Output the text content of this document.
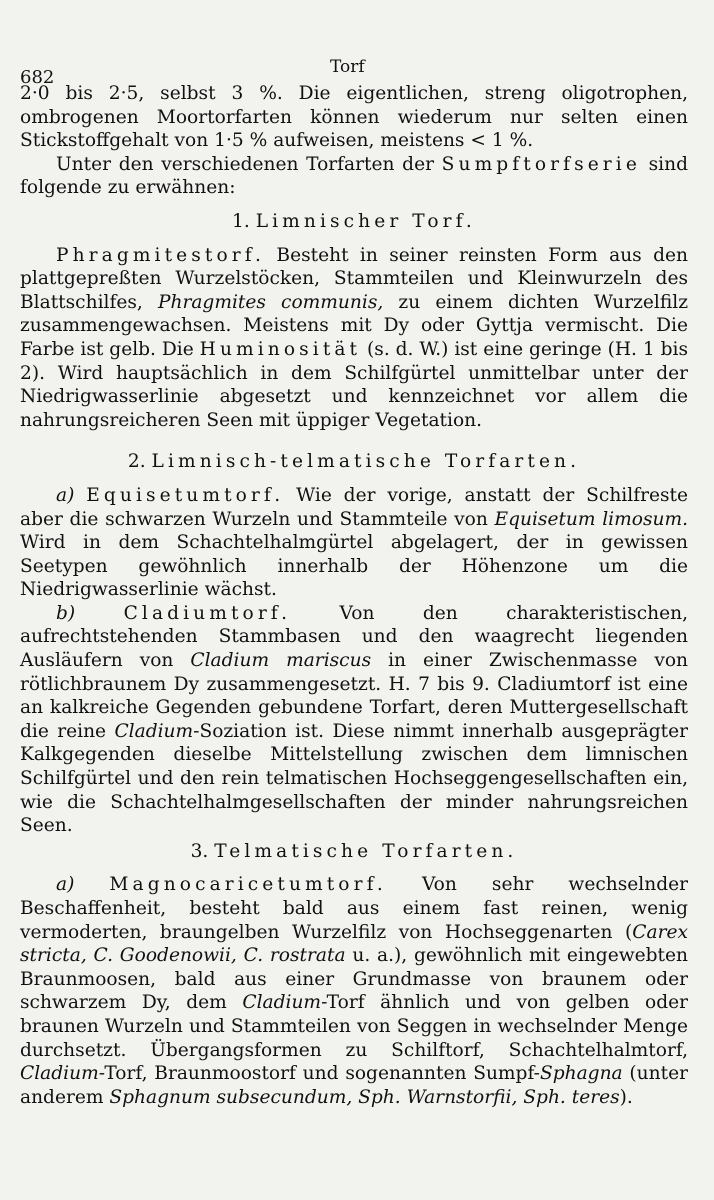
682	Torf

2·0 bis 2·5, selbst 3 %. Die eigentlichen, streng oligotrophen, ombrogenen Moortorfarten können wiederum nur selten einen Stickstoffgehalt von 1·5 % aufweisen, meistens < 1 %.

Unter den verschiedenen Torfarten der Sumpftorfserie sind folgende zu erwähnen:

1. Limnischer Torf.

Phragmitestorf. Besteht in seiner reinsten Form aus den plattgepreßten Wurzelstöcken, Stammteilen und Kleinwurzeln des Blattschilfes, Phragmites communis, zu einem dichten Wurzelfilz zusammengewachsen. Meistens mit Dy oder Gyttja vermischt. Die Farbe ist gelb. Die Huminosität (s. d. W.) ist eine geringe (H. 1 bis 2). Wird hauptsächlich in dem Schilfgürtel unmittelbar unter der Niedrigwasserlinie abgesetzt und kennzeichnet vor allem die nahrungsreicheren Seen mit üppiger Vegetation.

2. Limnisch-telmatische Torfarten.

a) Equisetumtorf. Wie der vorige, anstatt der Schilfreste aber die schwarzen Wurzeln und Stammteile von Equisetum limosum. Wird in dem Schachtelhalmgürtel abgelagert, der in gewissen Seetypen gewöhnlich innerhalb der Höhenzone um die Niedrigwasserlinie wächst.

b)	Cladiumtorf. Von den charakteristischen, aufrechtstehenden Stammbasen und den waagrecht liegenden Ausläufern von Cladium mariscus in einer Zwischenmasse von rötlichbraunem Dy zusammengesetzt. H. 7 bis 9. Cladiumtorf ist eine an kalkreiche Gegenden gebundene Torfart, deren Muttergesellschaft die reine Cladium-Soziation ist. Diese nimmt innerhalb ausgeprägter Kalkgegenden dieselbe Mittelstellung zwischen dem limnischen Schilfgürtel und den rein telmatischen Hochseggengesellschaften ein, wie die Schachtelhalmgesellschaften der minder nahrungsreichen Seen.

3. Telmatische Torfarten.

a) Magnocaricetumtorf. Von sehr wechselnder Beschaffenheit, besteht bald aus einem fast reinen, wenig vermoderten, braungelben Wurzelfilz von Hochseggenarten (Carex stricta, C. Goodenowii, C. rostrata u. a.), gewöhnlich mit eingewebten Braunmoosen, bald aus einer Grundmasse von braunem oder schwarzem Dy, dem Cladium-Torf ähnlich und von gelben oder braunen Wurzeln und Stammteilen von Seggen in wechselnder Menge durchsetzt. Übergangsformen zu Schilftorf, Schachtelhalmtorf, Cladium-Torf, Braunmoostorf und sogenannten Sumpf-Sphagna (unter anderem Sphagnum subsecundum, Sph. Warnstorfii, Sph. teres).
